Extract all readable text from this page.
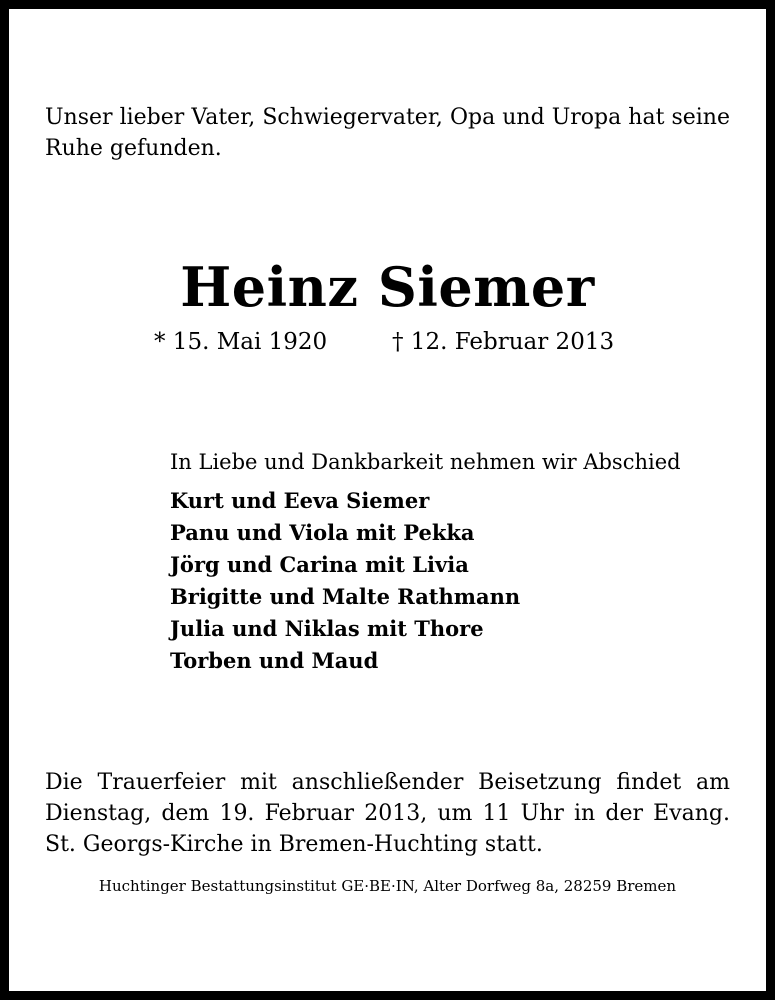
Unser lieber Vater, Schwiegervater, Opa und Uropa hat seine Ruhe gefunden.

Heinz Siemer
* 15. Mai 1920	† 12. Februar 2013

In Liebe und Dankbarkeit nehmen wir Abschied

Kurt und Eeva Siemer
Panu und Viola mit Pekka
Jörg und Carina mit Livia
Brigitte und Malte Rathmann
Julia und Niklas mit Thore
Torben und Maud

Die Trauerfeier mit anschließender Beisetzung findet am Dienstag, dem 19. Februar 2013, um 11 Uhr in der Evang. St. Georgs-Kirche in Bremen-Huchting statt.

Huchtinger Bestattungsinstitut GE·BE·IN, Alter Dorfweg 8a, 28259 Bremen
